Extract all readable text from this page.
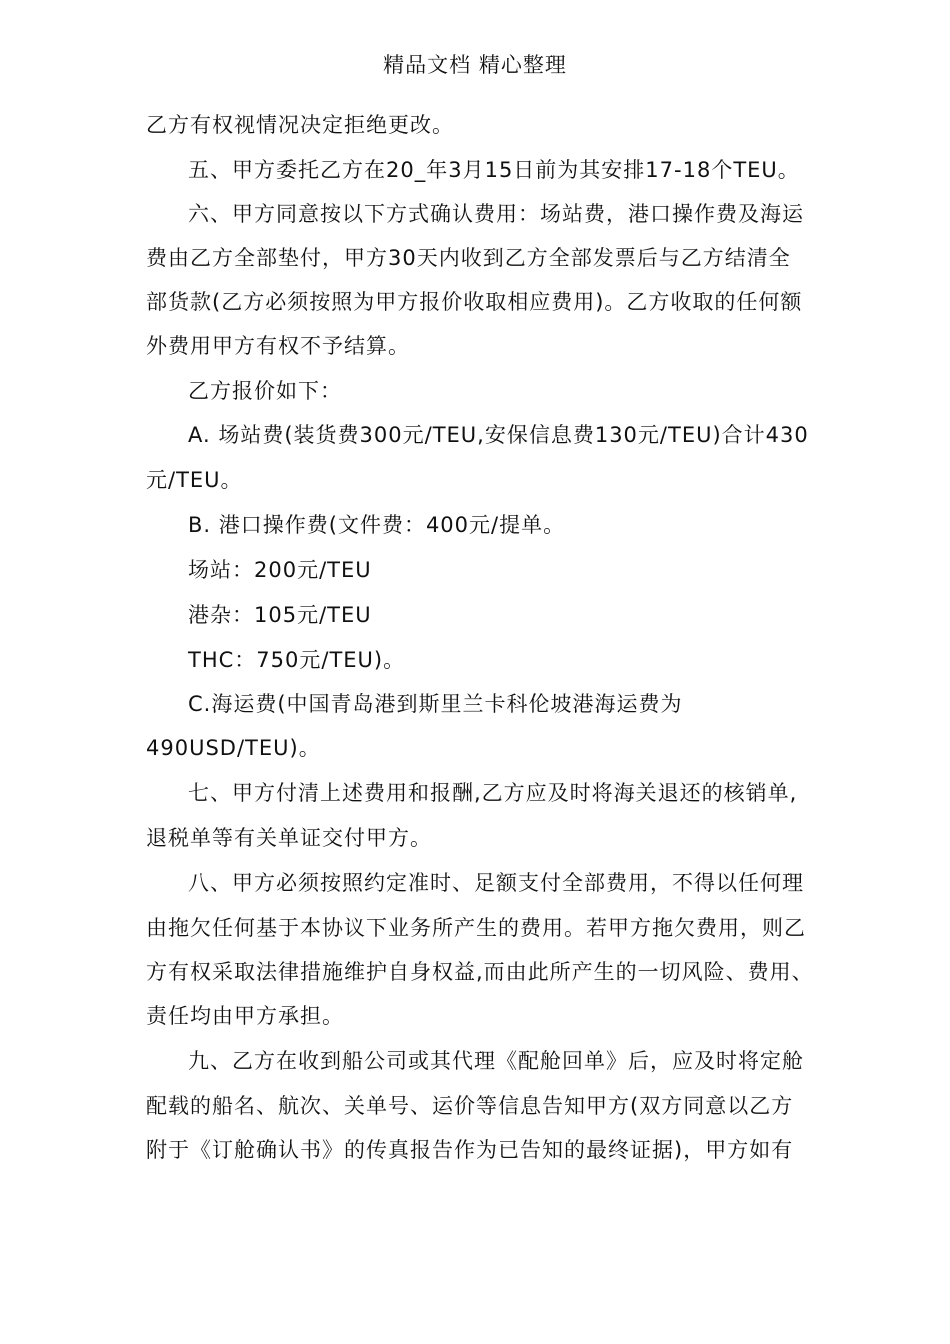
精品文档 精心整理
乙方有权视情况决定拒绝更改。
五、甲方委托乙方在20_年3月15日前为其安排17-18个TEU。
六、甲方同意按以下方式确认费用：场站费，港口操作费及海运
费由乙方全部垫付，甲方30天内收到乙方全部发票后与乙方结清全
部货款(乙方必须按照为甲方报价收取相应费用)。乙方收取的任何额
外费用甲方有权不予结算。
乙方报价如下：
A. 场站费(装货费300元/TEU,安保信息费130元/TEU)合计430
元/TEU。
B. 港口操作费(文件费：400元/提单。
场站：200元/TEU
港杂：105元/TEU
THC：750元/TEU)。
C.海运费(中国青岛港到斯里兰卡科伦坡港海运费为
490USD/TEU)。
七、甲方付清上述费用和报酬,乙方应及时将海关退还的核销单,
退税单等有关单证交付甲方。
八、甲方必须按照约定准时、足额支付全部费用，不得以任何理
由拖欠任何基于本协议下业务所产生的费用。若甲方拖欠费用，则乙
方有权采取法律措施维护自身权益,而由此所产生的一切风险、费用、
责任均由甲方承担。
九、乙方在收到船公司或其代理《配舱回单》后，应及时将定舱
配载的船名、航次、关单号、运价等信息告知甲方(双方同意以乙方
附于《订舱确认书》的传真报告作为已告知的最终证据)，甲方如有
